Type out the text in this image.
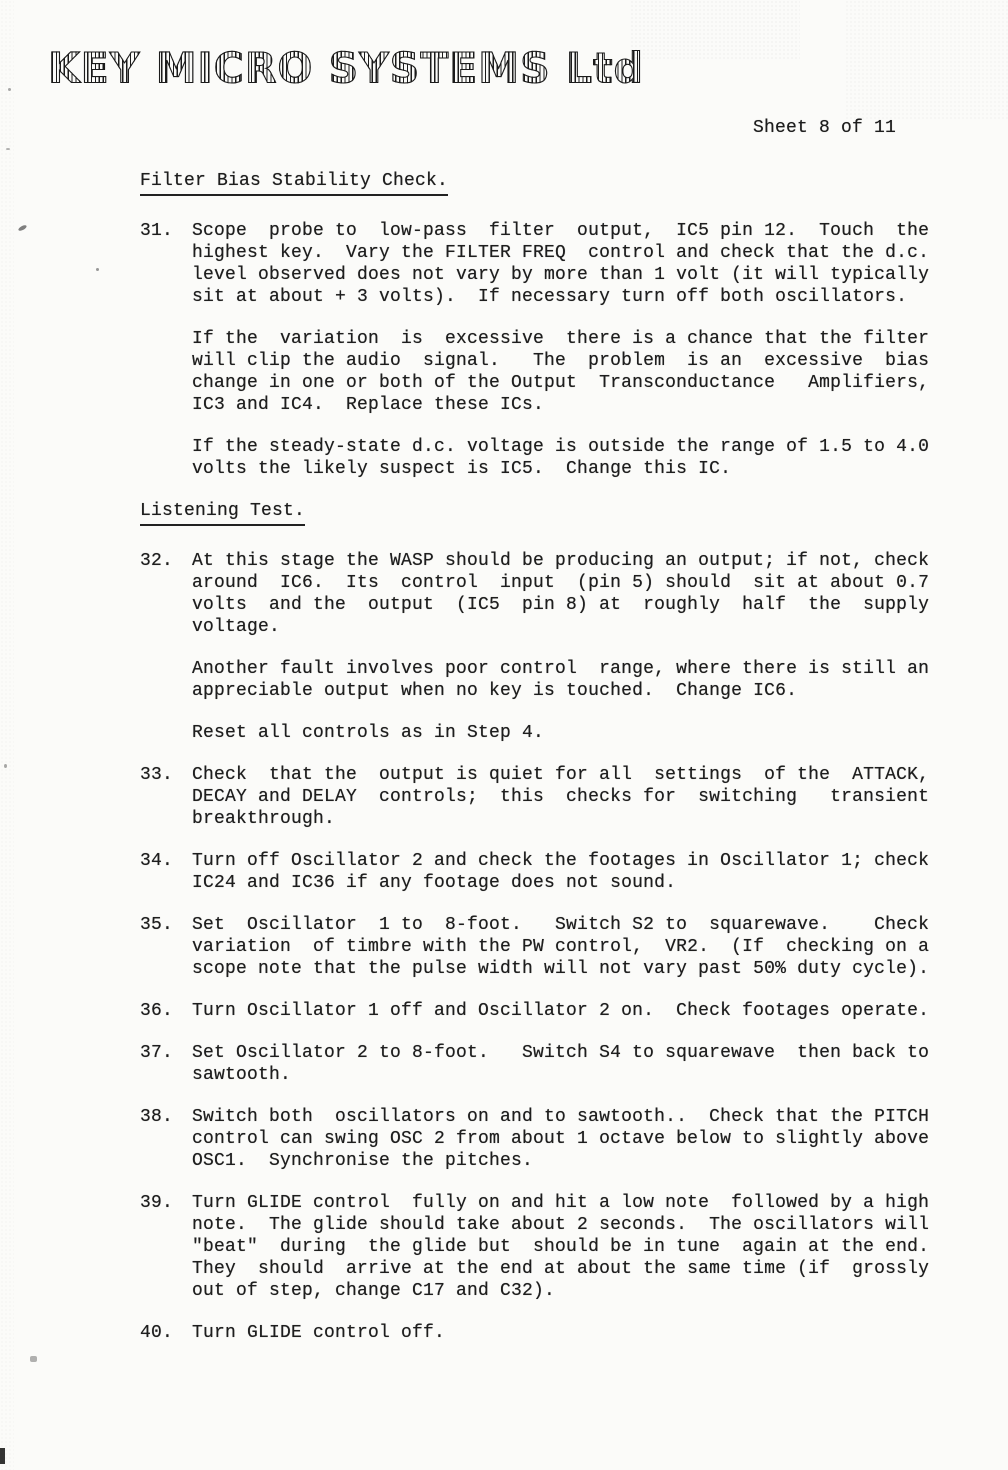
KEY MICRO SYSTEMS Ltd
Sheet 8 of 11
Filter Bias Stability Check.
31.	Scope  probe to  low-pass  filter  output,  IC5 pin 12.  Touch  the
highest key.  Vary the FILTER FREQ  control and check that the d.c.
level observed does not vary by more than 1 volt (it will typically
sit at about + 3 volts).  If necessary turn off both oscillators.
If the  variation  is  excessive  there is a chance that the filter
will clip the audio  signal.   The  problem  is an  excessive  bias
change in one or both of the Output  Transconductance   Amplifiers,
IC3 and IC4.  Replace these ICs.
If the steady-state d.c. voltage is outside the range of 1.5 to 4.0
volts the likely suspect is IC5.  Change this IC.
Listening Test.
32.	At this stage the WASP should be producing an output; if not, check
around  IC6.  Its  control  input  (pin 5) should  sit at about 0.7
volts  and the  output  (IC5  pin 8) at  roughly  half  the  supply
voltage.
Another fault involves poor control  range, where there is still an
appreciable output when no key is touched.  Change IC6.
Reset all controls as in Step 4.
33.	Check  that the  output is quiet for all  settings  of the  ATTACK,
DECAY and DELAY  controls;  this  checks for  switching   transient
breakthrough.
34.	Turn off Oscillator 2 and check the footages in Oscillator 1; check
IC24 and IC36 if any footage does not sound.
35.	Set  Oscillator  1 to  8-foot.   Switch S2 to  squarewave.    Check
variation  of timbre with the PW control,  VR2.  (If  checking on a
scope note that the pulse width will not vary past 50% duty cycle).
36.	Turn Oscillator 1 off and Oscillator 2 on.  Check footages operate.
37.	Set Oscillator 2 to 8-foot.   Switch S4 to squarewave  then back to
sawtooth.
38.	Switch both  oscillators on and to sawtooth..  Check that the PITCH
control can swing OSC 2 from about 1 octave below to slightly above
OSC1.  Synchronise the pitches.
39.	Turn GLIDE control  fully on and hit a low note  followed by a high
note.  The glide should take about 2 seconds.  The oscillators will
"beat"  during  the glide but  should be in tune  again at the end.
They  should  arrive at the end at about the same time (if  grossly
out of step, change C17 and C32).
40.	Turn GLIDE control off.
